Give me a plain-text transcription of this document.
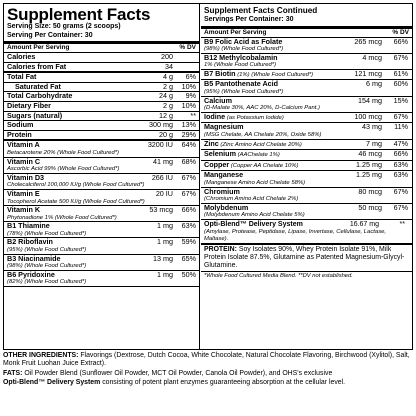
Supplement Facts
Serving Size: 50 grams (2 scoops)
Serving Per Container: 30
Amount Per Serving	% DV
Calories	200
Calories from Fat	34
Total Fat	4 g 6%
Saturated Fat	2 g 10%
Total Carbohydrate	24 g 9%
Dietary Fiber	2 g 10%
Sugars (natural)	12 g **
Sodium	300 mg 13%
Protein	20 g 29%
Vitamin A	3200 IU 64%
Betacarotene 20% (Whole Food Cultured*)
Vitamin C	41 mg 68%
Ascorbic Acid 99% (Whole Food Cultured*)
Vitamin D3	266 IU 67%
Cholecalciferol 100,000 IU/g (Whole Food Cultured*)
Vitamin E	20 IU 67%
Tocopherol Acetate 500 IU/g (Whole Food Cultured*)
Vitamin K	53 mcg 66%
Phytonadione 1% (Whole Food Cultured*)
B1 Thiamine	1 mg 63%
(78%) (Whole Food Cultured*)
B2 Riboflavin	1 mg 59%
(95%) (Whole Food Cultured*)
B3 Niacinamide	13 mg 65%
(98%) (Whole Food Cultured*)
B6 Pyridoxine	1 mg 50%
(82%) (Whole Food Cultured*)
Supplement Facts Continued
Servings Per Container: 30
Amount Per Serving	% DV
B9 Folic Acid as Folate	265 mcg 66%
(98%) (Whole Food Cultured*)
B12 Methylcobalamin	4 mcg 67%
1% (Whole Food Cultured*)
B7 Biotin (1%) (Whole Food Cultured*)	121 mcg 61%
B5 Pantothenate Acid	6 mg 60%
(95%) (Whole Food Cultured*)
Calcium	154 mg 15%
(D-Malate 30%, AAC 20%, D-Calcium Pant.)
Iodine (as Potassium Iodide)	100 mcg 67%
Magnesium	43 mg 11%
(MSG Chelate, AA Chelate 20%, Oxide 58%)
Zinc (Zinc Amino Acid Chelate 20%)	7 mg 47%
Selenium (AAChelate 1%)	46 mcg 66%
Copper (Copper AA Chelate 10%)	1.25 mg 63%
Manganese	1.25 mg 63%
(Manganese Amino Acid Chelate 58%)
Chromium	80 mcg 67%
(Chromium Amino Acid Chelate 2%)
Molybdenum	50 mcg 67%
(Molybdenum Amino Acid Chelate 5%)
Opti-Blend™ Delivery System	16.67 mg	**
(Amylase, Protease, Peptidase, Lipase, Invertase, Cellulase, Lactase, Maltase).
PROTEIN: Soy Isolates 90%, Whey Protein Isolate 91%, Milk Protein Isolate 87.5%, Glutamine as Patented Magnesium-Glycyl-Glutamine.
*Whole Food Cultured Media Blend. **DV not established.

OTHER INGREDIENTS: Flavorings (Dextrose, Dutch Cocoa, White Chocolate, Natural Chocolate Flavoring, Birchwood (Xylitol), Salt, Monk Fruit Luohan Juice Extract).

FATS: Oil Powder Blend (Sunflower Oil Powder, MCT Oil Powder, Canola Oil Powder), and OHS's exclusive

Opti-Blend™ Delivery System consisting of potent plant enzymes guaranteeing absorption at the cellular level.
